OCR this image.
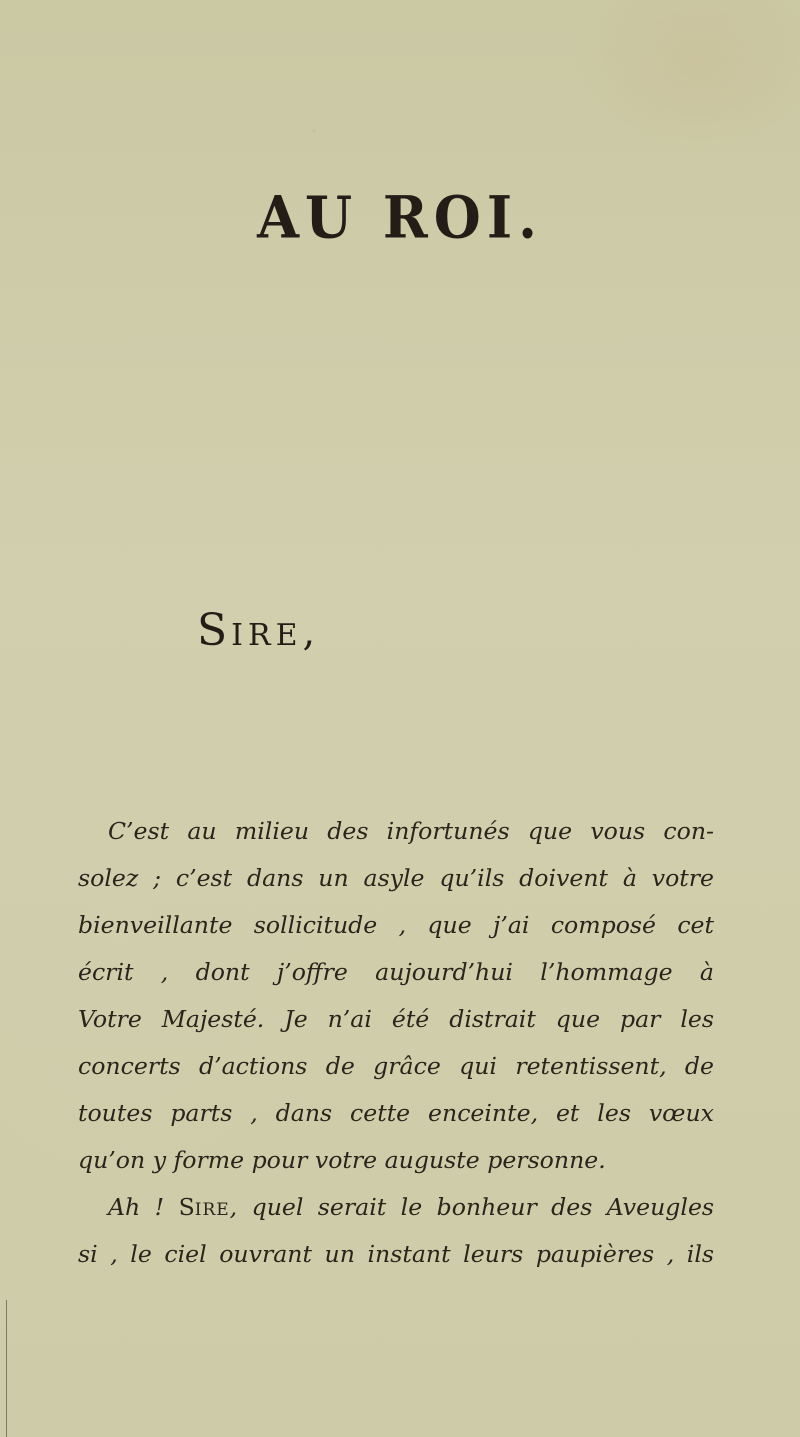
.
AU ROI.

SIRE,

C’est au milieu des infortunés que vous con-
solez ; c’est dans un asyle qu’ils doivent à votre
bienveillante sollicitude , que j’ai composé cet
écrit , dont j’offre aujourd’hui l’hommage à
Votre Majesté. Je n’ai été distrait que par les
concerts d’actions de grâce qui retentissent, de
toutes parts , dans cette enceinte, et les vœux
qu’on y forme pour votre auguste personne.
Ah ! SIRE, quel serait le bonheur des Aveugles
si , le ciel ouvrant un instant leurs paupières , ils
